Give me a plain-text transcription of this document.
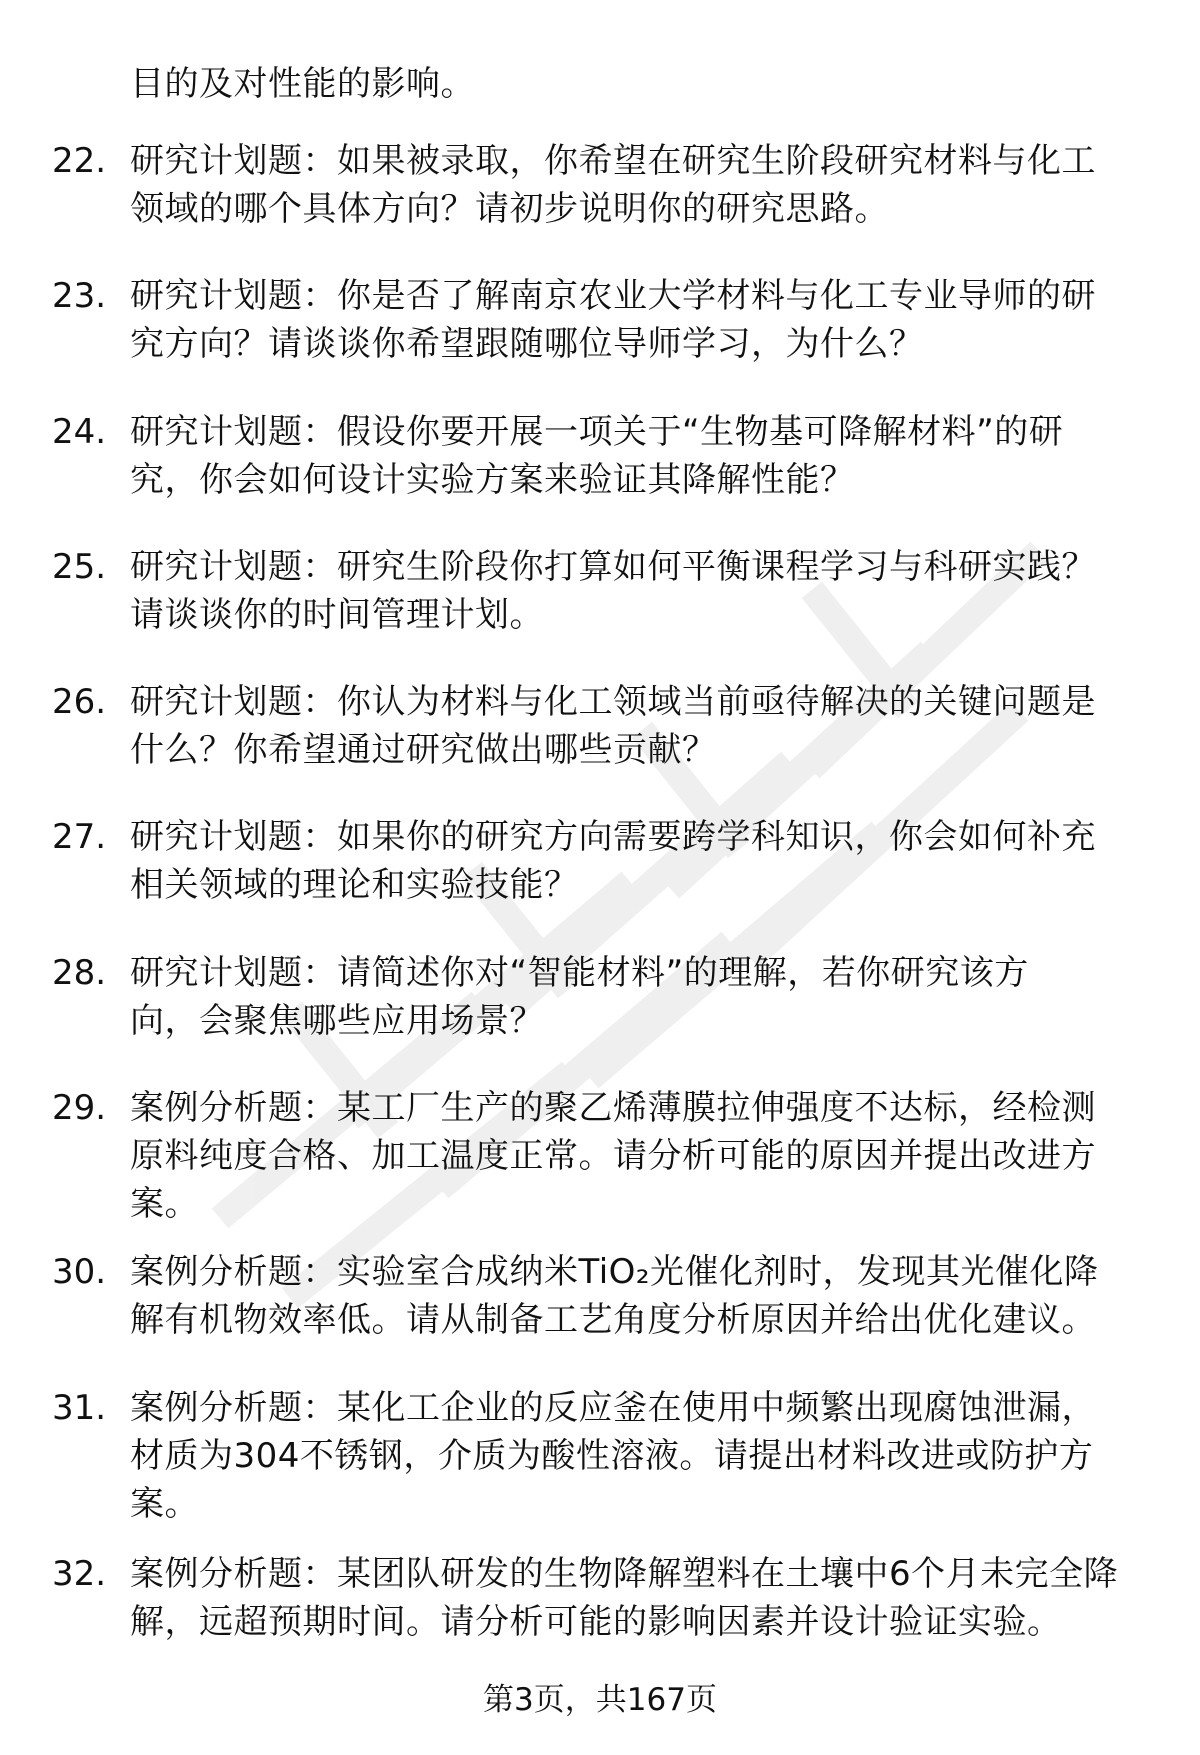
目的及对性能的影响。
22. 研究计划题：如果被录取，你希望在研究生阶段研究材料与化工
领域的哪个具体方向？请初步说明你的研究思路。
23. 研究计划题：你是否了解南京农业大学材料与化工专业导师的研
究方向？请谈谈你希望跟随哪位导师学习，为什么？
24. 研究计划题：假设你要开展一项关于“生物基可降解材料”的研
究，你会如何设计实验方案来验证其降解性能？
25. 研究计划题：研究生阶段你打算如何平衡课程学习与科研实践？
请谈谈你的时间管理计划。
26. 研究计划题：你认为材料与化工领域当前亟待解决的关键问题是
什么？你希望通过研究做出哪些贡献？
27. 研究计划题：如果你的研究方向需要跨学科知识，你会如何补充
相关领域的理论和实验技能？
28. 研究计划题：请简述你对“智能材料”的理解，若你研究该方
向，会聚焦哪些应用场景？
29. 案例分析题：某工厂生产的聚乙烯薄膜拉伸强度不达标，经检测
原料纯度合格、加工温度正常。请分析可能的原因并提出改进方
案。
30. 案例分析题：实验室合成纳米TiO₂光催化剂时，发现其光催化降
解有机物效率低。请从制备工艺角度分析原因并给出优化建议。
31. 案例分析题：某化工企业的反应釜在使用中频繁出现腐蚀泄漏，
材质为304不锈钢，介质为酸性溶液。请提出材料改进或防护方
案。
32. 案例分析题：某团队研发的生物降解塑料在土壤中6个月未完全降
解，远超预期时间。请分析可能的影响因素并设计验证实验。
第3页，共167页
